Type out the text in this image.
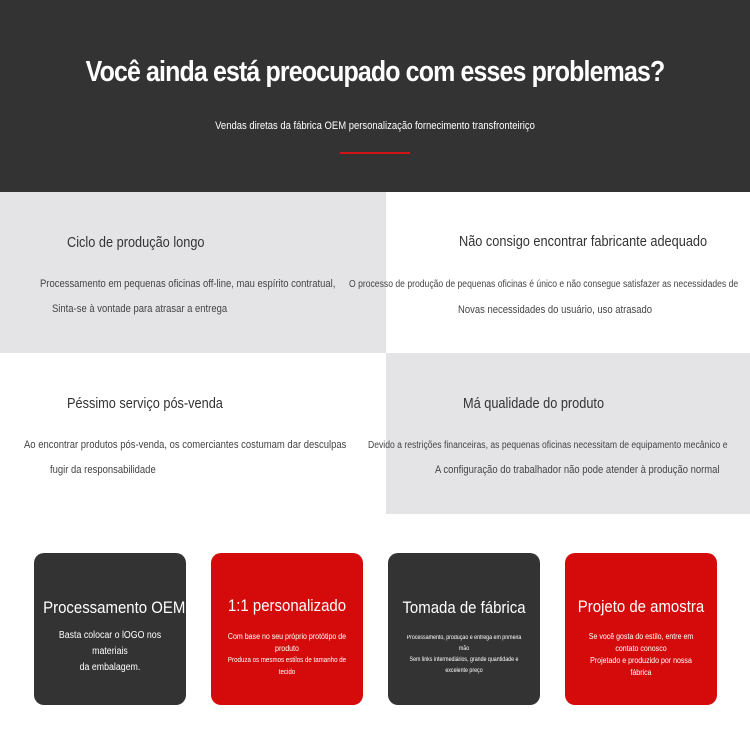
Você ainda está preocupado com esses problemas?
Vendas diretas da fábrica OEM personalização fornecimento transfronteiriço
Ciclo de produção longo
Processamento em pequenas oficinas off-line, mau espírito contratual,
Sinta-se à vontade para atrasar a entrega
Não consigo encontrar fabricante adequado
O processo de produção de pequenas oficinas é único e não consegue satisfazer as necessidades de
Novas necessidades do usuário, uso atrasado
Péssimo serviço pós-venda
Ao encontrar produtos pós-venda, os comerciantes costumam dar desculpas
fugir da responsabilidade
Má qualidade do produto
Devido a restrições financeiras, as pequenas oficinas necessitam de equipamento mecânico e
A configuração do trabalhador não pode atender à produção normal
Processamento OEM
Basta colocar o lOGO nos materiais
da embalagem.
1:1 personalizado
Com base no seu próprio protótipo de produto
Produza os mesmos estilos de tamanho de tecido
Tomada de fábrica
Processamento, produção e entrega em primeira mão
Sem links intermediários, grande quantidade e excelente preço
Projeto de amostra
Se você gosta do estilo, entre em contato conosco
Projetado e produzido por nossa fábrica
